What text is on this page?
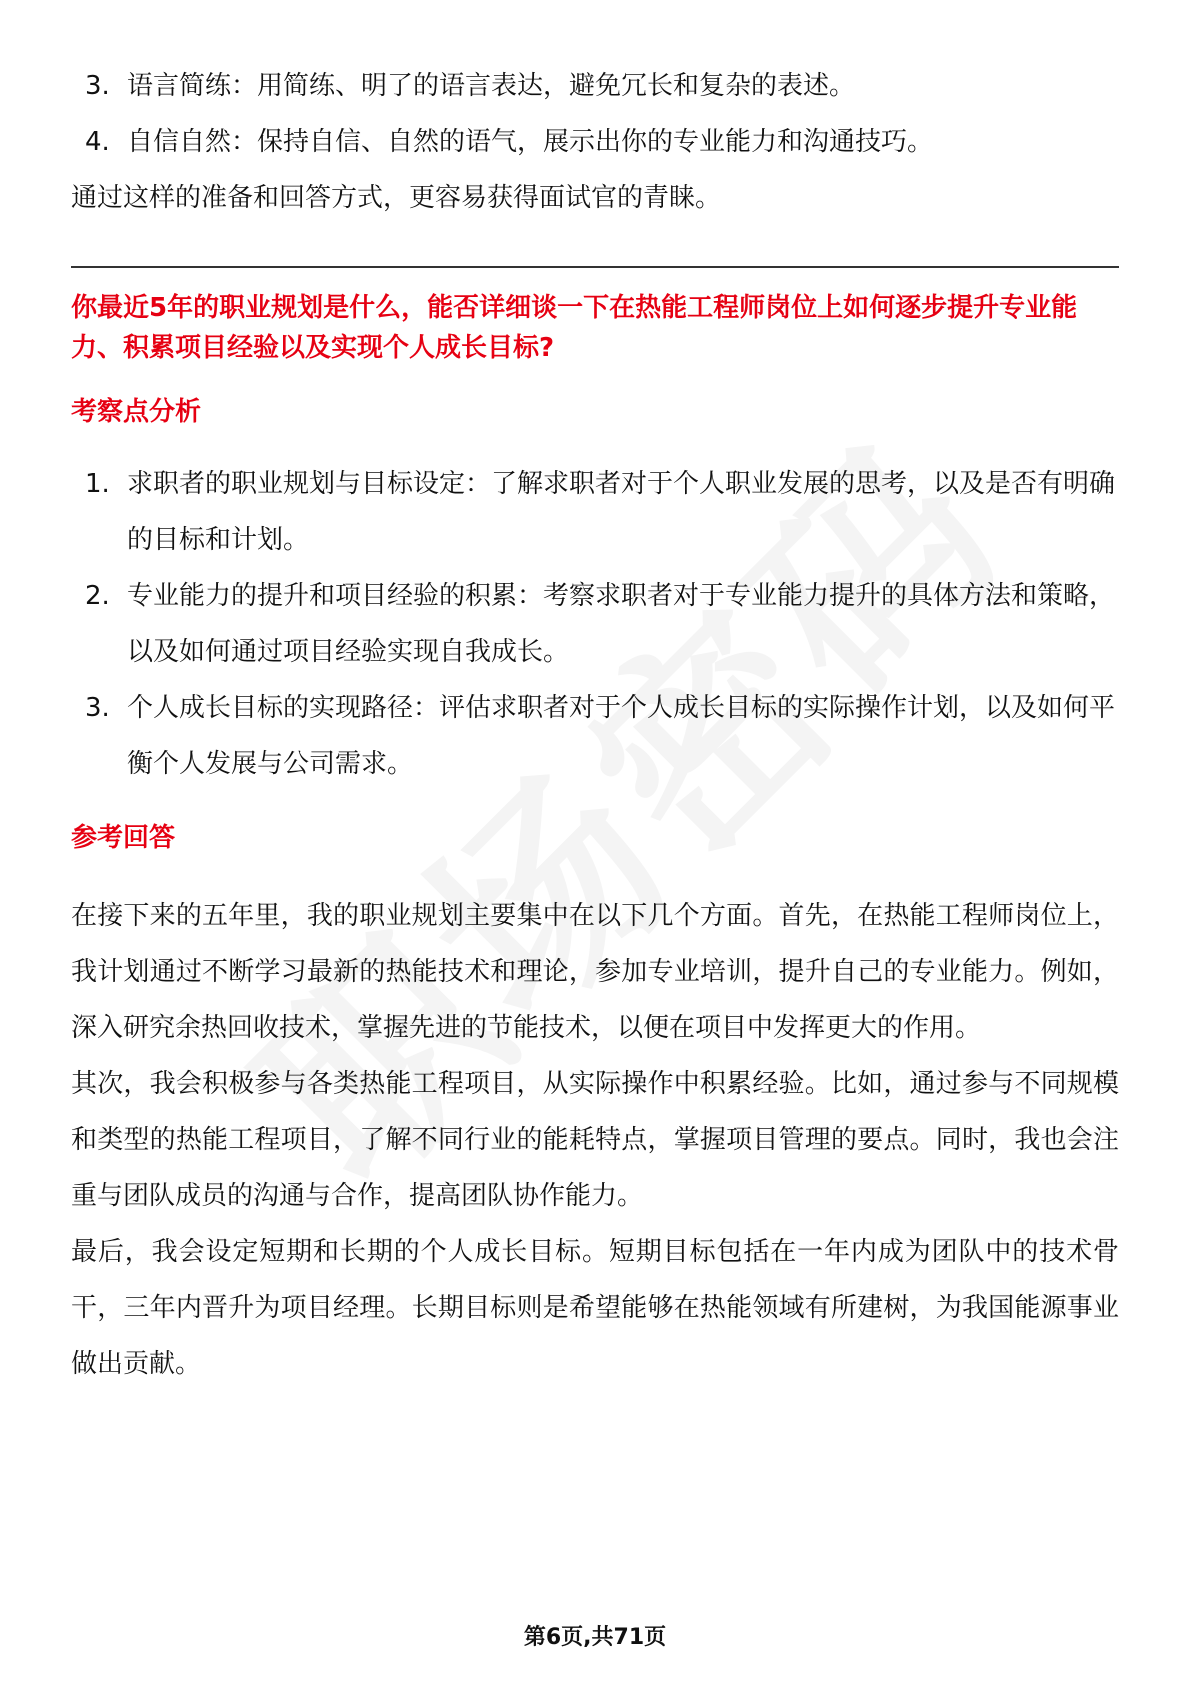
3. 语言简练：用简练、明了的语言表达，避免冗长和复杂的表述。
4. 自信自然：保持自信、自然的语气，展示出你的专业能力和沟通技巧。

通过这样的准备和回答方式，更容易获得面试官的青睐。

你最近5年的职业规划是什么，能否详细谈一下在热能工程师岗位上如何逐步提升专业能力、积累项目经验以及实现个人成长目标?

考察点分析
1. 求职者的职业规划与目标设定：了解求职者对于个人职业发展的思考，以及是否有明确的目标和计划。
2. 专业能力的提升和项目经验的积累：考察求职者对于专业能力提升的具体方法和策略，以及如何通过项目经验实现自我成长。
3. 个人成长目标的实现路径：评估求职者对于个人成长目标的实际操作计划，以及如何平衡个人发展与公司需求。
参考回答

在接下来的五年里，我的职业规划主要集中在以下几个方面。首先，在热能工程师岗位上，我计划通过不断学习最新的热能技术和理论，参加专业培训，提升自己的专业能力。例如，深入研究余热回收技术，掌握先进的节能技术，以便在项目中发挥更大的作用。

其次，我会积极参与各类热能工程项目，从实际操作中积累经验。比如，通过参与不同规模和类型的热能工程项目，了解不同行业的能耗特点，掌握项目管理的要点。同时，我也会注重与团队成员的沟通与合作，提高团队协作能力。

最后，我会设定短期和长期的个人成长目标。短期目标包括在一年内成为团队中的技术骨干，三年内晋升为项目经理。长期目标则是希望能够在热能领域有所建树，为我国能源事业做出贡献。

第6页,共71页
